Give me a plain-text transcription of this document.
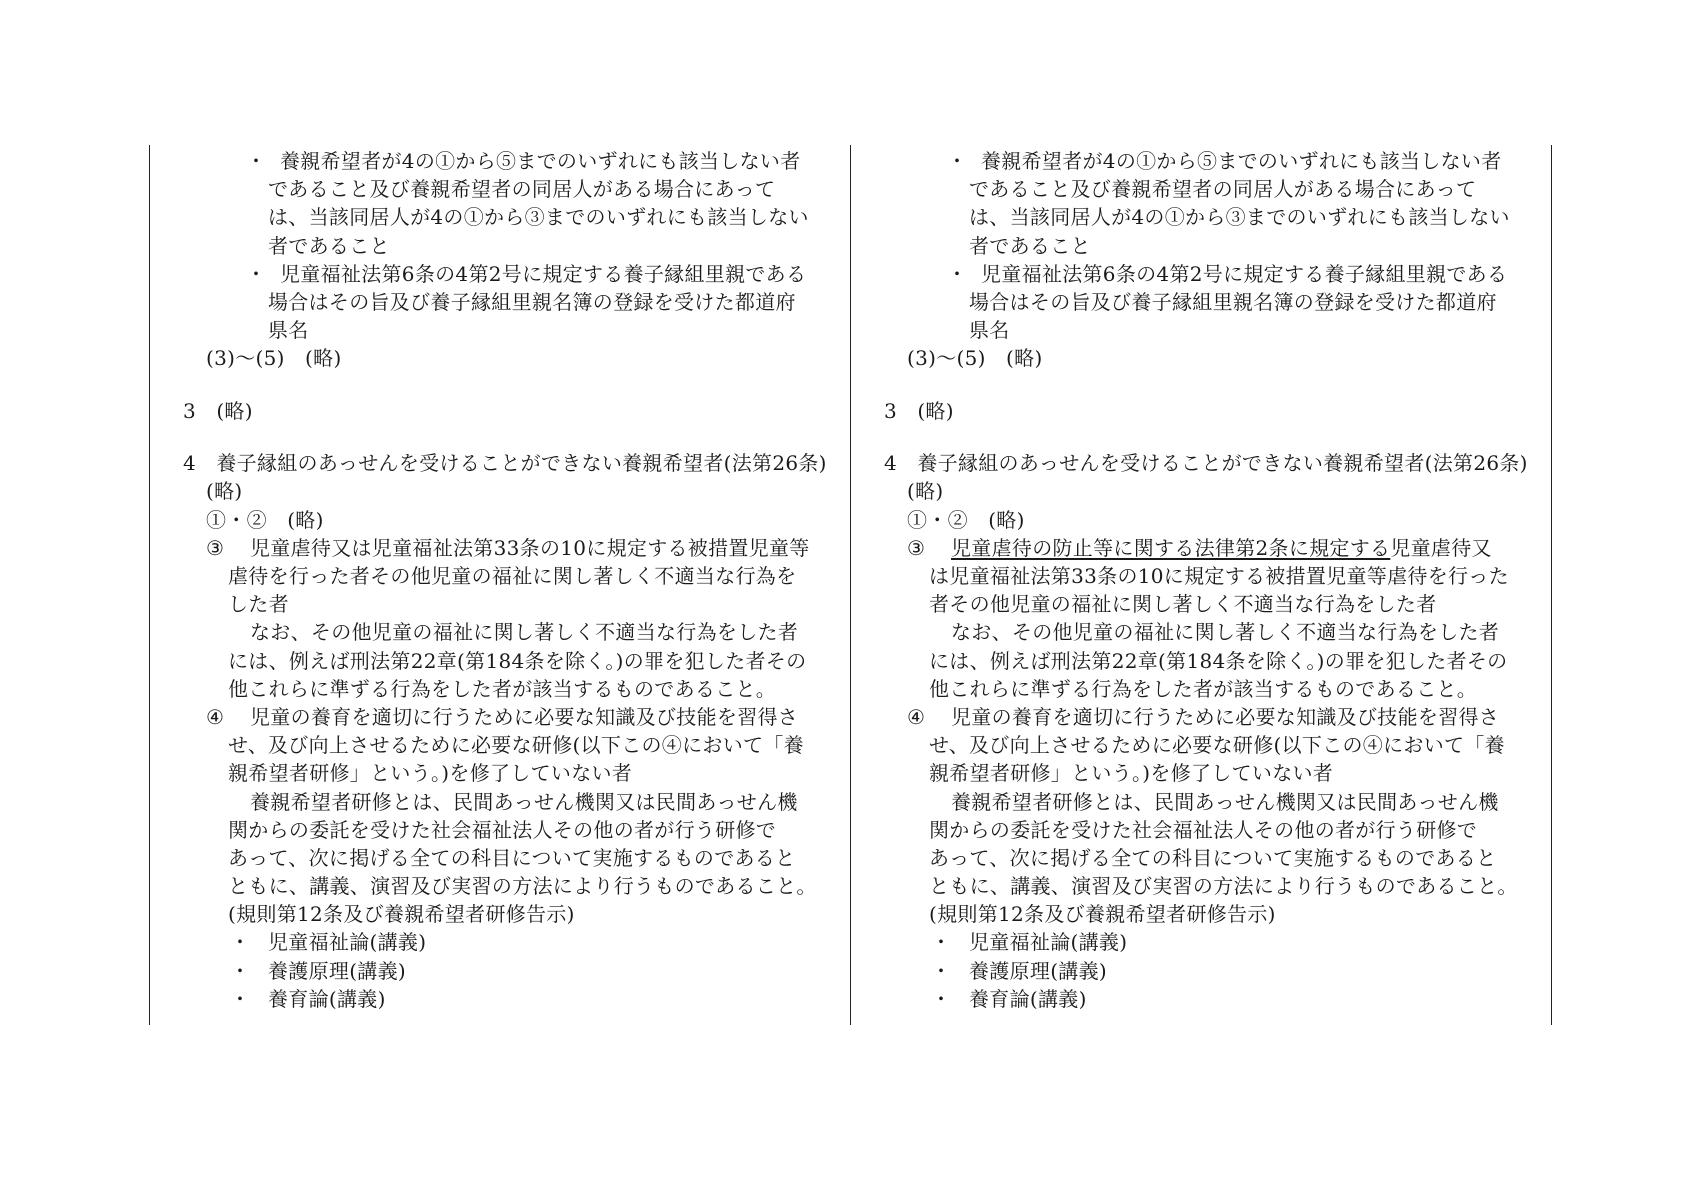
・ 養親希望者が4の①から⑤までのいずれにも該当しない者
であること及び養親希望者の同居人がある場合にあって
は、当該同居人が4の①から③までのいずれにも該当しない
者であること
・ 児童福祉法第6条の4第2号に規定する養子縁組里親である
場合はその旨及び養子縁組里親名簿の登録を受けた都道府
県名
(3)～(5)　(略)
3　(略)
4　養子縁組のあっせんを受けることができない養親希望者(法第26条)
(略)
①・②　(略)
③ 児童虐待又は児童福祉法第33条の10に規定する被措置児童等
虐待を行った者その他児童の福祉に関し著しく不適当な行為を
した者
なお、その他児童の福祉に関し著しく不適当な行為をした者
には、例えば刑法第22章(第184条を除く。)の罪を犯した者その
他これらに準ずる行為をした者が該当するものであること。
④ 児童の養育を適切に行うために必要な知識及び技能を習得さ
せ、及び向上させるために必要な研修(以下この④において「養
親希望者研修」という。)を修了していない者
養親希望者研修とは、民間あっせん機関又は民間あっせん機
関からの委託を受けた社会福祉法人その他の者が行う研修で
あって、次に掲げる全ての科目について実施するものであると
ともに、講義、演習及び実習の方法により行うものであること。
(規則第12条及び養親希望者研修告示)
・ 児童福祉論(講義)
・ 養護原理(講義)
・ 養育論(講義)
・ 養親希望者が4の①から⑤までのいずれにも該当しない者
であること及び養親希望者の同居人がある場合にあって
は、当該同居人が4の①から③までのいずれにも該当しない
者であること
・ 児童福祉法第6条の4第2号に規定する養子縁組里親である
場合はその旨及び養子縁組里親名簿の登録を受けた都道府
県名
(3)～(5)　(略)
3　(略)
4　養子縁組のあっせんを受けることができない養親希望者(法第26条)
(略)
①・②　(略)
③ 児童虐待の防止等に関する法律第2条に規定する児童虐待又
は児童福祉法第33条の10に規定する被措置児童等虐待を行った
者その他児童の福祉に関し著しく不適当な行為をした者
なお、その他児童の福祉に関し著しく不適当な行為をした者
には、例えば刑法第22章(第184条を除く。)の罪を犯した者その
他これらに準ずる行為をした者が該当するものであること。
④ 児童の養育を適切に行うために必要な知識及び技能を習得さ
せ、及び向上させるために必要な研修(以下この④において「養
親希望者研修」という。)を修了していない者
養親希望者研修とは、民間あっせん機関又は民間あっせん機
関からの委託を受けた社会福祉法人その他の者が行う研修で
あって、次に掲げる全ての科目について実施するものであると
ともに、講義、演習及び実習の方法により行うものであること。
(規則第12条及び養親希望者研修告示)
・ 児童福祉論(講義)
・ 養護原理(講義)
・ 養育論(講義)
